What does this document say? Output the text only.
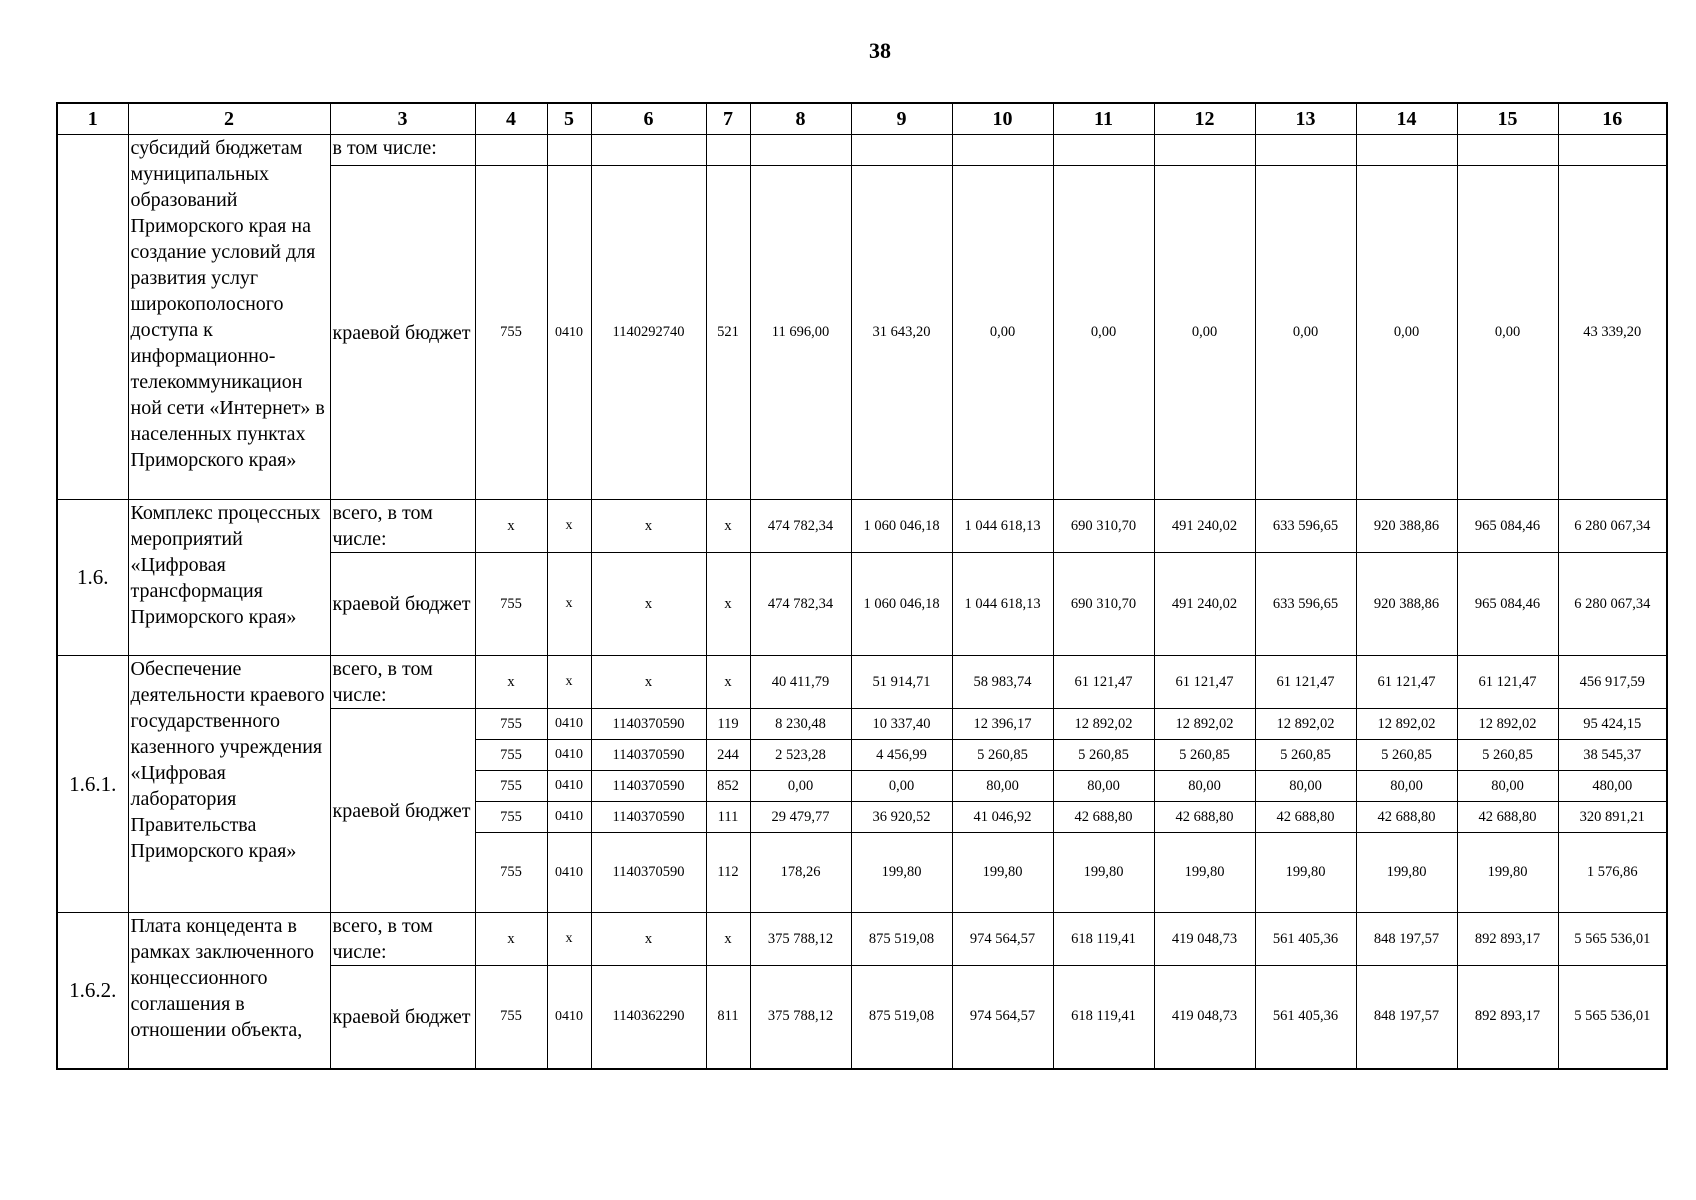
38
1	2	3	4	5	6	7	8	9	10	11	12	13	14	15	16
	субсидий бюджетам муниципальных образований Приморского края на создание условий для развития услуг широкополосного доступа к информационно-телекоммуникацион ной сети «Интернет» в населенных пунктах Приморского края»	в том числе:													
		краевой бюджет	755	0410	1140292740	521	11 696,00	31 643,20	0,00	0,00	0,00	0,00	0,00	0,00	43 339,20
1.6.	Комплекс процессных мероприятий «Цифровая трансформация Приморского края»	всего, в том числе:	х	х	х	х	474 782,34	1 060 046,18	1 044 618,13	690 310,70	491 240,02	633 596,65	920 388,86	965 084,46	6 280 067,34
		краевой бюджет	755	х	х	х	474 782,34	1 060 046,18	1 044 618,13	690 310,70	491 240,02	633 596,65	920 388,86	965 084,46	6 280 067,34
1.6.1.	Обеспечение деятельности краевого государственного казенного учреждения «Цифровая лаборатория Правительства Приморского края»	всего, в том числе:	х	х	х	х	40 411,79	51 914,71	58 983,74	61 121,47	61 121,47	61 121,47	61 121,47	61 121,47	456 917,59
		краевой бюджет	755	0410	1140370590	119	8 230,48	10 337,40	12 396,17	12 892,02	12 892,02	12 892,02	12 892,02	12 892,02	95 424,15
			755	0410	1140370590	244	2 523,28	4 456,99	5 260,85	5 260,85	5 260,85	5 260,85	5 260,85	5 260,85	38 545,37
			755	0410	1140370590	852	0,00	0,00	80,00	80,00	80,00	80,00	80,00	80,00	480,00
			755	0410	1140370590	111	29 479,77	36 920,52	41 046,92	42 688,80	42 688,80	42 688,80	42 688,80	42 688,80	320 891,21
			755	0410	1140370590	112	178,26	199,80	199,80	199,80	199,80	199,80	199,80	199,80	1 576,86
1.6.2.	Плата концедента в рамках заключенного концессионного соглашения в отношении объекта,	всего, в том числе:	х	х	х	х	375 788,12	875 519,08	974 564,57	618 119,41	419 048,73	561 405,36	848 197,57	892 893,17	5 565 536,01
		краевой бюджет	755	0410	1140362290	811	375 788,12	875 519,08	974 564,57	618 119,41	419 048,73	561 405,36	848 197,57	892 893,17	5 565 536,01
